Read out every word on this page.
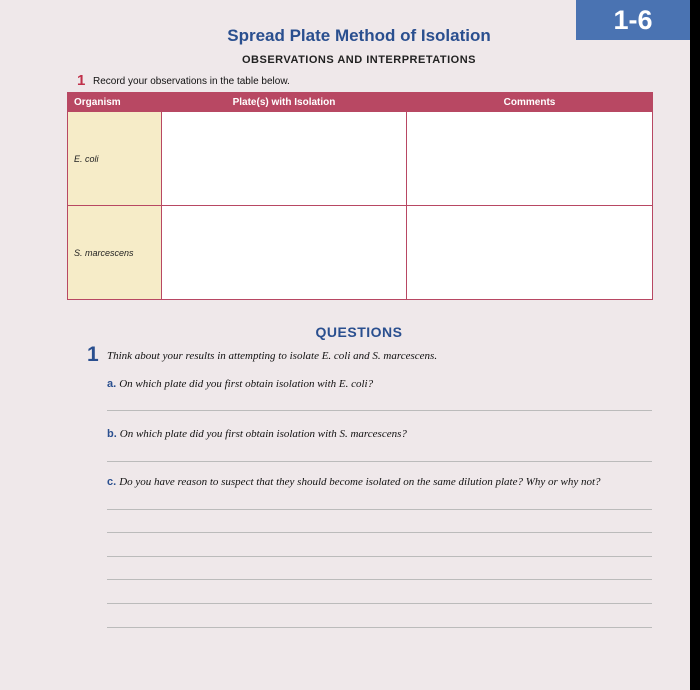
1-6
Spread Plate Method of Isolation
OBSERVATIONS AND INTERPRETATIONS
1 Record your observations in the table below.
Organism	Plate(s) with Isolation	Comments
E. coli		
S. marcescens		
QUESTIONS
1 Think about your results in attempting to isolate E. coli and S. marcescens.
a. On which plate did you first obtain isolation with E. coli?
b. On which plate did you first obtain isolation with S. marcescens?
c. Do you have reason to suspect that they should become isolated on the same dilution plate? Why or why not?
